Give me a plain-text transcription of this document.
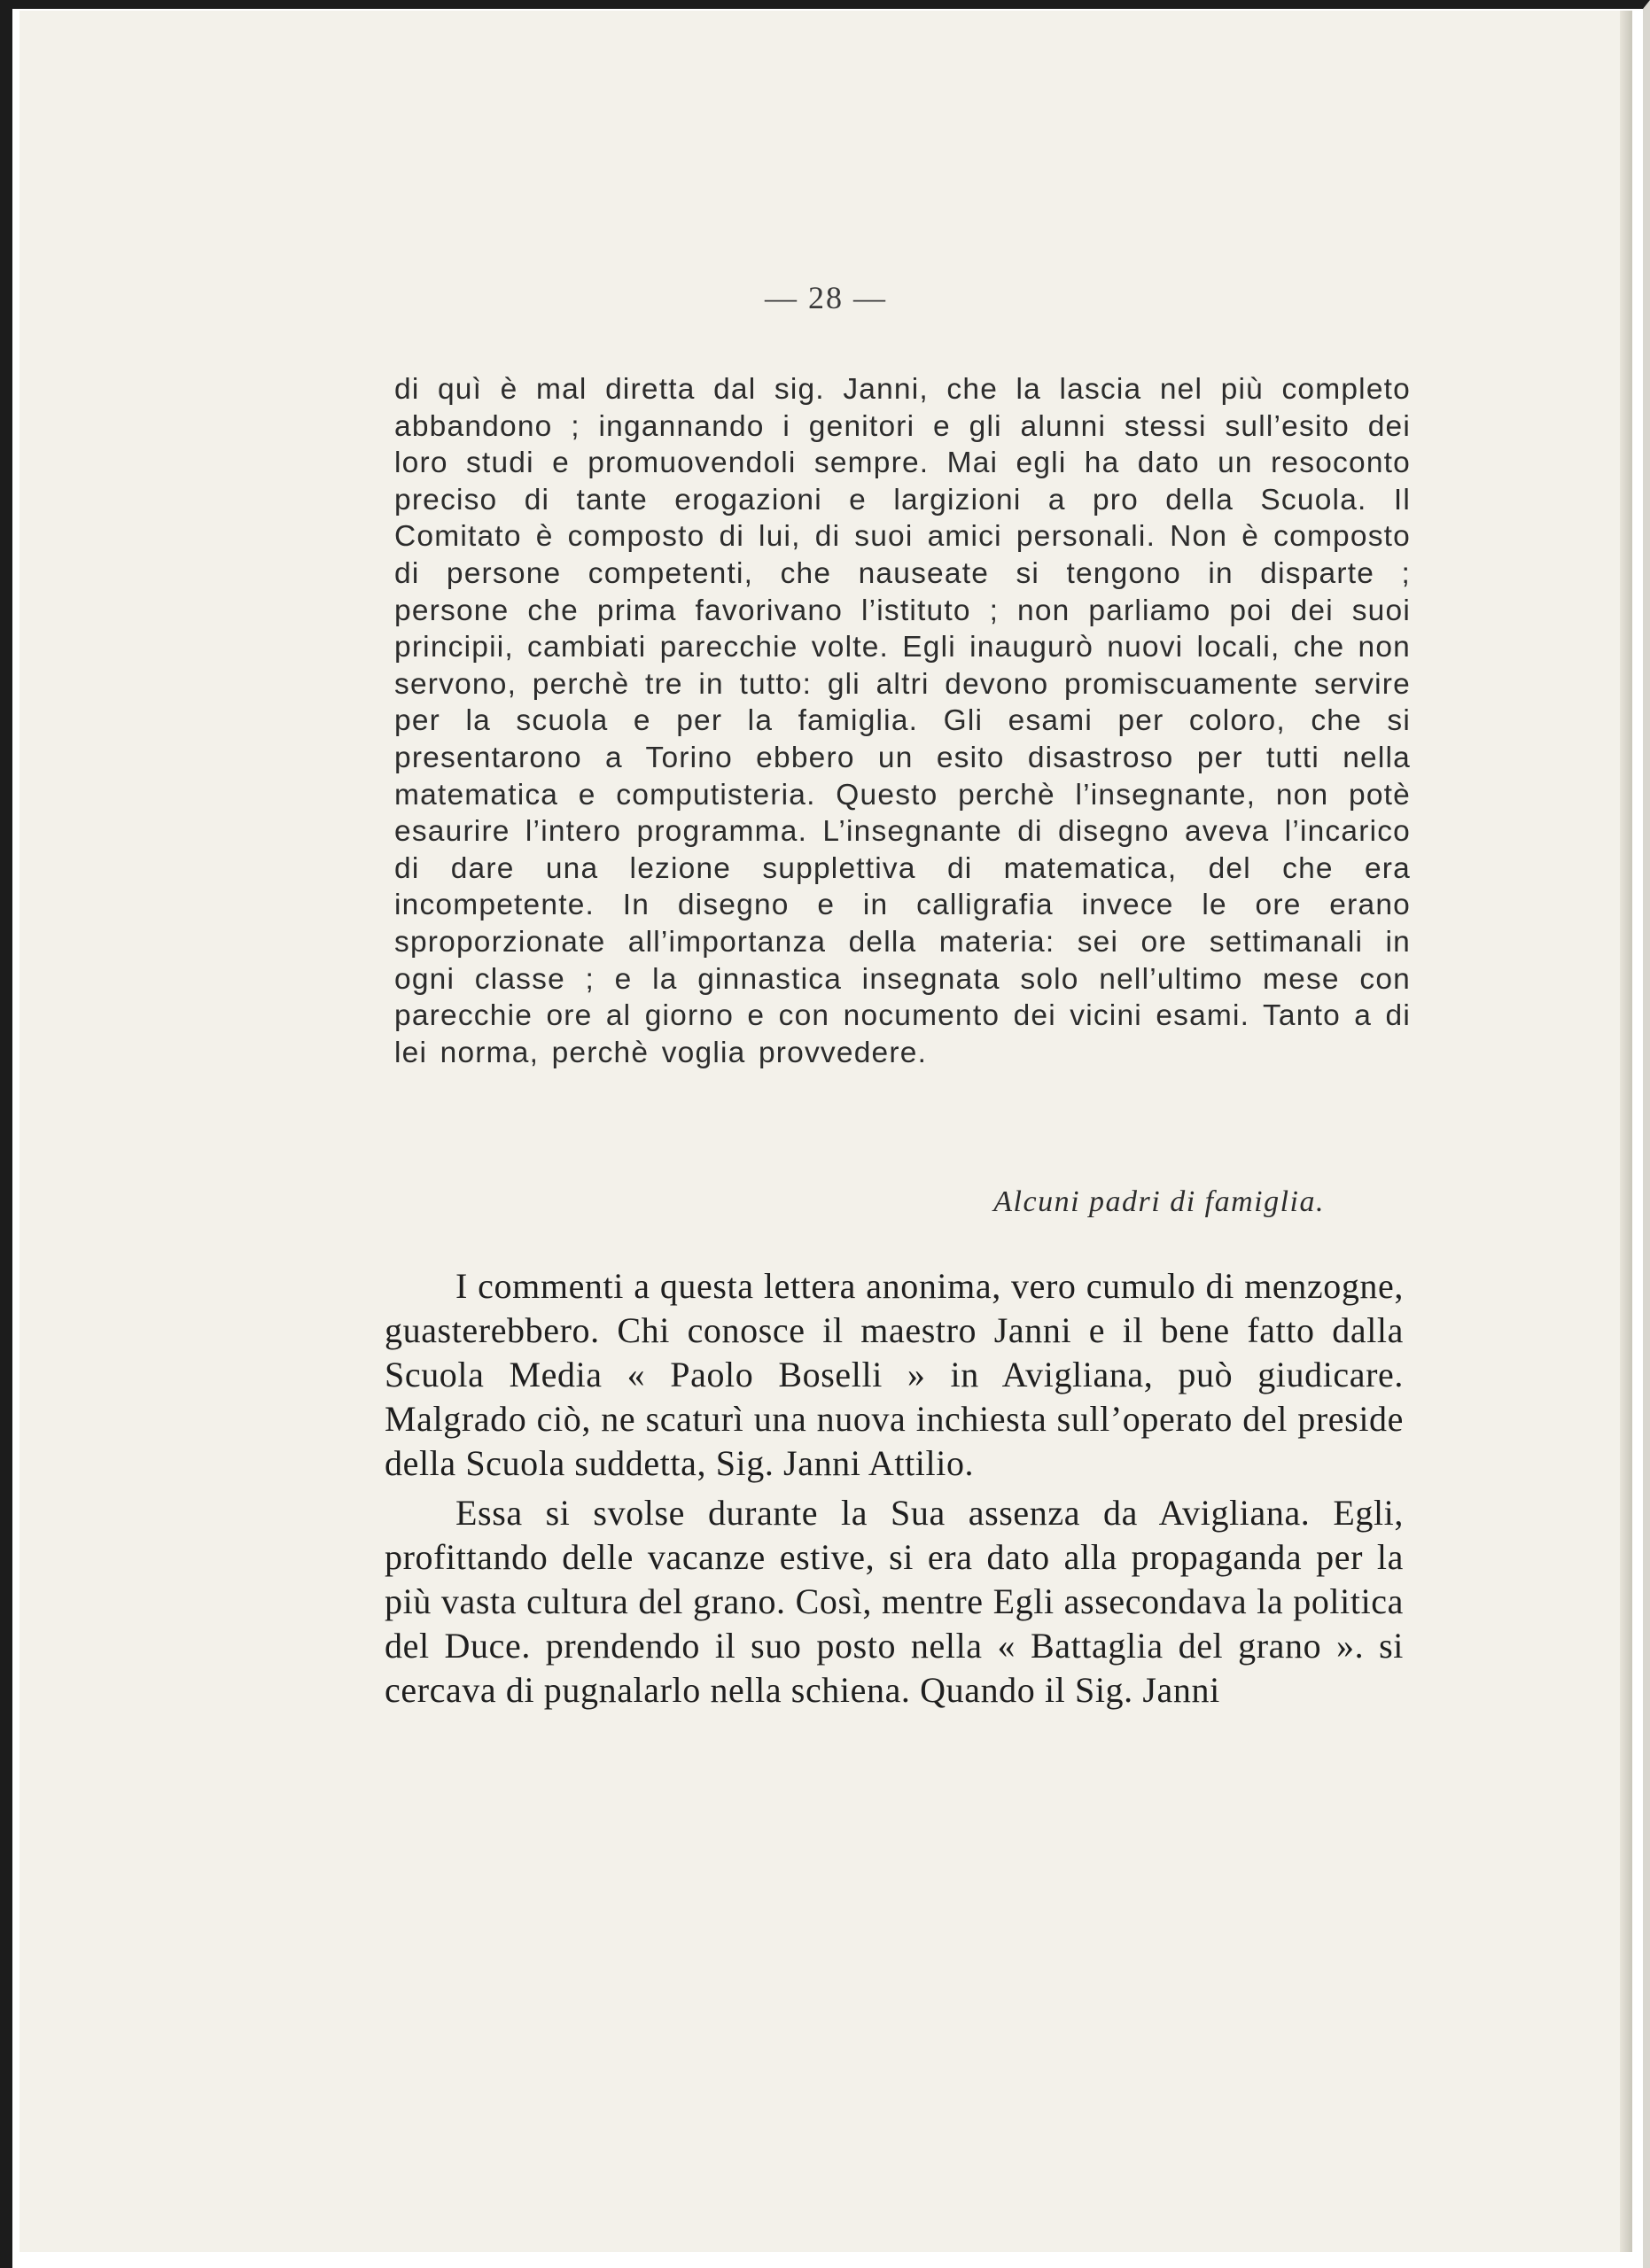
— 28 —

di quì è mal diretta dal sig. Janni, che la lascia nel più completo abbandono ; ingannando i genitori e gli alunni stessi sull’esito dei loro studi e promuovendoli sempre. Mai egli ha dato un resoconto preciso di tante erogazioni e largizioni a pro della Scuola. Il Comitato è composto di lui, di suoi amici personali. Non è composto di persone competenti, che nauseate si tengono in disparte ; persone che prima favorivano l’istituto ; non parliamo poi dei suoi principii, cambiati parecchie volte. Egli inaugurò nuovi locali, che non servono, perchè tre in tutto: gli altri devono promiscuamente servire per la scuola e per la famiglia. Gli esami per coloro, che si presentarono a Torino ebbero un esito disastroso per tutti nella matematica e computisteria. Questo perchè l’insegnante, non potè esaurire l’intero programma. L’insegnante di disegno aveva l’incarico di dare una lezione supplettiva di matematica, del che era incompetente. In disegno e in calligrafia invece le ore erano sproporzionate all’importanza della materia: sei ore settimanali in ogni classe ; e la ginnastica insegnata solo nell’ultimo mese con parecchie ore al giorno e con nocumento dei vicini esami. Tanto a di lei norma, perchè voglia provvedere.

Alcuni padri di famiglia.

I commenti a questa lettera anonima, vero cumulo di menzogne, guasterebbero. Chi conosce il maestro Janni e il bene fatto dalla Scuola Media « Paolo Boselli » in Avigliana, può giudicare. Malgrado ciò, ne scaturì una nuova inchiesta sull’operato del preside della Scuola suddetta, Sig. Janni Attilio.

Essa si svolse durante la Sua assenza da Avigliana. Egli, profittando delle vacanze estive, si era dato alla propaganda per la più vasta cultura del grano. Così, mentre Egli assecondava la politica del Duce. prendendo il suo posto nella « Battaglia del grano ». si cercava di pugnalarlo nella schiena. Quando il Sig. Janni
